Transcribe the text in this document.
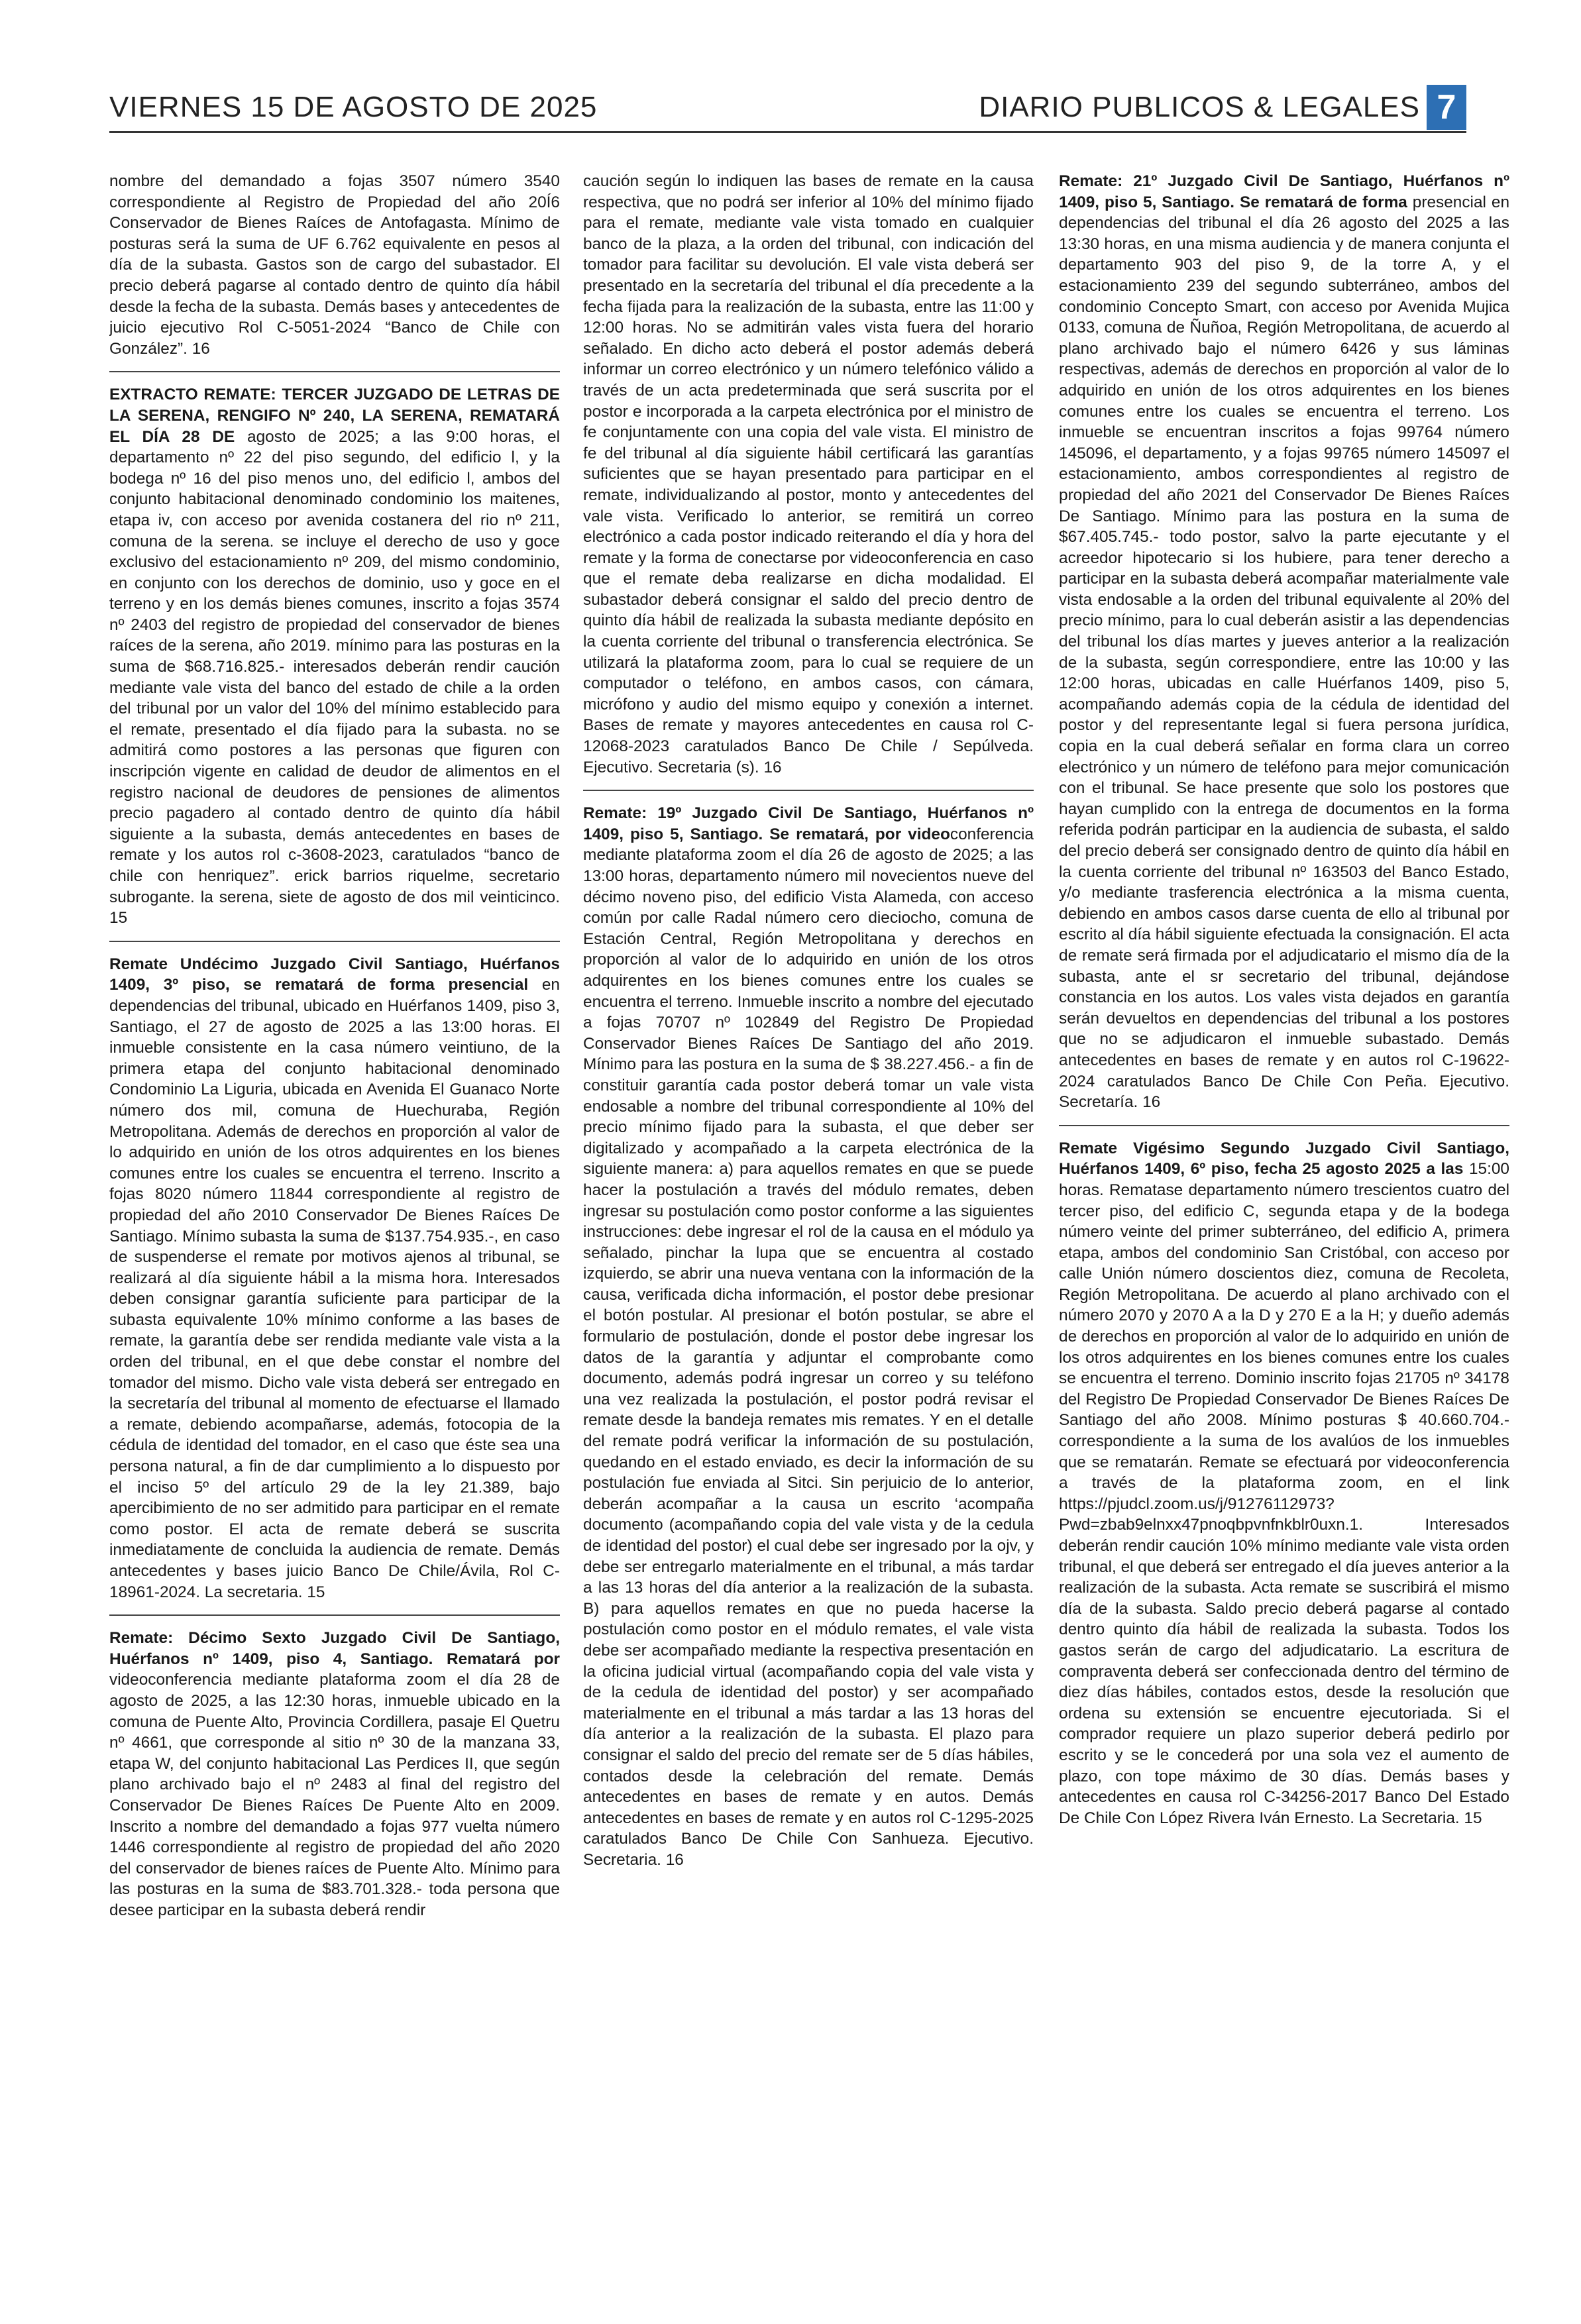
VIERNES 15 DE AGOSTO DE 2025	DIARIO PUBLICOS & LEGALES 7

nombre del demandado a fojas 3507 número 3540 correspondiente al Registro de Propiedad del año 20Í6 Conservador de Bienes Raíces de Antofagasta. Mínimo de posturas será la suma de UF 6.762 equivalente en pesos al día de la subasta. Gastos son de cargo del subastador. El precio deberá pagarse al contado dentro de quinto día hábil desde la fecha de la subasta. Demás bases y antecedentes de juicio ejecutivo Rol C-5051-2024 “Banco de Chile con González”. 16

EXTRACTO REMATE: TERCER JUZGADO DE LETRAS DE LA SERENA, RENGIFO Nº 240, LA SERENA, REMATARÁ EL DÍA 28 DE agosto de 2025; a las 9:00 horas, el departamento nº 22 del piso segundo, del edificio l, y la bodega nº 16 del piso menos uno, del edificio l, ambos del conjunto habitacional denominado condominio los maitenes, etapa iv, con acceso por avenida costanera del rio nº 211, comuna de la serena. se incluye el derecho de uso y goce exclusivo del estacionamiento nº 209, del mismo condominio, en conjunto con los derechos de dominio, uso y goce en el terreno y en los demás bienes comunes, inscrito a fojas 3574 nº 2403 del registro de propiedad del conservador de bienes raíces de la serena, año 2019. mínimo para las posturas en la suma de $68.716.825.- interesados deberán rendir caución mediante vale vista del banco del estado de chile a la orden del tribunal por un valor del 10% del mínimo establecido para el remate, presentado el día fijado para la subasta. no se admitirá como postores a las personas que figuren con inscripción vigente en calidad de deudor de alimentos en el registro nacional de deudores de pensiones de alimentos precio pagadero al contado dentro de quinto día hábil siguiente a la subasta, demás antecedentes en bases de remate y los autos rol c-3608-2023, caratulados “banco de chile con henriquez”. erick barrios riquelme, secretario subrogante. la serena, siete de agosto de dos mil veinticinco. 15

Remate Undécimo Juzgado Civil Santiago, Huérfanos 1409, 3º piso, se rematará de forma presencial en dependencias del tribunal, ubicado en Huérfanos 1409, piso 3, Santiago, el 27 de agosto de 2025 a las 13:00 horas. El inmueble consistente en la casa número veintiuno, de la primera etapa del conjunto habitacional denominado Condominio La Liguria, ubicada en Avenida El Guanaco Norte número dos mil, comuna de Huechuraba, Región Metropolitana. Además de derechos en proporción al valor de lo adquirido en unión de los otros adquirentes en los bienes comunes entre los cuales se encuentra el terreno. Inscrito a fojas 8020 número 11844 correspondiente al registro de propiedad del año 2010 Conservador De Bienes Raíces De Santiago. Mínimo subasta la suma de $137.754.935.-, en caso de suspenderse el remate por motivos ajenos al tribunal, se realizará al día siguiente hábil a la misma hora. Interesados deben consignar garantía suficiente para participar de la subasta equivalente 10% mínimo conforme a las bases de remate, la garantía debe ser rendida mediante vale vista a la orden del tribunal, en el que debe constar el nombre del tomador del mismo. Dicho vale vista deberá ser entregado en la secretaría del tribunal al momento de efectuarse el llamado a remate, debiendo acompañarse, además, fotocopia de la cédula de identidad del tomador, en el caso que éste sea una persona natural, a fin de dar cumplimiento a lo dispuesto por el inciso 5º del artículo 29 de la ley 21.389, bajo apercibimiento de no ser admitido para participar en el remate como postor. El acta de remate deberá se suscrita inmediatamente de concluida la audiencia de remate. Demás antecedentes y bases juicio Banco De Chile/Ávila, Rol C-18961-2024. La secretaria. 15

Remate: Décimo Sexto Juzgado Civil De Santiago, Huérfanos nº 1409, piso 4, Santiago. Rematará por videoconferencia mediante plataforma zoom el día 28 de agosto de 2025, a las 12:30 horas, inmueble ubicado en la comuna de Puente Alto, Provincia Cordillera, pasaje El Quetru nº 4661, que corresponde al sitio nº 30 de la manzana 33, etapa W, del conjunto habitacional Las Perdices II, que según plano archivado bajo el nº 2483 al final del registro del Conservador De Bienes Raíces De Puente Alto en 2009. Inscrito a nombre del demandado a fojas 977 vuelta número 1446 correspondiente al registro de propiedad del año 2020 del conservador de bienes raíces de Puente Alto. Mínimo para las posturas en la suma de $83.701.328.- toda persona que desee participar en la subasta deberá rendir

caución según lo indiquen las bases de remate en la causa respectiva, que no podrá ser inferior al 10% del mínimo fijado para el remate, mediante vale vista tomado en cualquier banco de la plaza, a la orden del tribunal, con indicación del tomador para facilitar su devolución. El vale vista deberá ser presentado en la secretaría del tribunal el día precedente a la fecha fijada para la realización de la subasta, entre las 11:00 y 12:00 horas. No se admitirán vales vista fuera del horario señalado. En dicho acto deberá el postor además deberá informar un correo electrónico y un número telefónico válido a través de un acta predeterminada que será suscrita por el postor e incorporada a la carpeta electrónica por el ministro de fe conjuntamente con una copia del vale vista. El ministro de fe del tribunal al día siguiente hábil certificará las garantías suficientes que se hayan presentado para participar en el remate, individualizando al postor, monto y antecedentes del vale vista. Verificado lo anterior, se remitirá un correo electrónico a cada postor indicado reiterando el día y hora del remate y la forma de conectarse por videoconferencia en caso que el remate deba realizarse en dicha modalidad. El subastador deberá consignar el saldo del precio dentro de quinto día hábil de realizada la subasta mediante depósito en la cuenta corriente del tribunal o transferencia electrónica. Se utilizará la plataforma zoom, para lo cual se requiere de un computador o teléfono, en ambos casos, con cámara, micrófono y audio del mismo equipo y conexión a internet. Bases de remate y mayores antecedentes en causa rol C-12068-2023 caratulados Banco De Chile / Sepúlveda. Ejecutivo. Secretaria (s). 16

Remate: 19º Juzgado Civil De Santiago, Huérfanos nº 1409, piso 5, Santiago. Se rematará, por videoconferencia mediante plataforma zoom el día 26 de agosto de 2025; a las 13:00 horas, departamento número mil novecientos nueve del décimo noveno piso, del edificio Vista Alameda, con acceso común por calle Radal número cero dieciocho, comuna de Estación Central, Región Metropolitana y derechos en proporción al valor de lo adquirido en unión de los otros adquirentes en los bienes comunes entre los cuales se encuentra el terreno. Inmueble inscrito a nombre del ejecutado a fojas 70707 nº 102849 del Registro De Propiedad Conservador Bienes Raíces De Santiago del año 2019. Mínimo para las postura en la suma de $ 38.227.456.- a fin de constituir garantía cada postor deberá tomar un vale vista endosable a nombre del tribunal correspondiente al 10% del precio mínimo fijado para la subasta, el que deber ser digitalizado y acompañado a la carpeta electrónica de la siguiente manera: a) para aquellos remates en que se puede hacer la postulación a través del módulo remates, deben ingresar su postulación como postor conforme a las siguientes instrucciones: debe ingresar el rol de la causa en el módulo ya señalado, pinchar la lupa que se encuentra al costado izquierdo, se abrir una nueva ventana con la información de la causa, verificada dicha información, el postor debe presionar el botón postular. Al presionar el botón postular, se abre el formulario de postulación, donde el postor debe ingresar los datos de la garantía y adjuntar el comprobante como documento, además podrá ingresar un correo y su teléfono una vez realizada la postulación, el postor podrá revisar el remate desde la bandeja remates mis remates. Y en el detalle del remate podrá verificar la información de su postulación, quedando en el estado enviado, es decir la información de su postulación fue enviada al Sitci. Sin perjuicio de lo anterior, deberán acompañar a la causa un escrito ‘acompaña documento (acompañando copia del vale vista y de la cedula de identidad del postor) el cual debe ser ingresado por la ojv, y debe ser entregarlo materialmente en el tribunal, a más tardar a las 13 horas del día anterior a la realización de la subasta. B) para aquellos remates en que no pueda hacerse la postulación como postor en el módulo remates, el vale vista debe ser acompañado mediante la respectiva presentación en la oficina judicial virtual (acompañando copia del vale vista y de la cedula de identidad del postor) y ser acompañado materialmente en el tribunal a más tardar a las 13 horas del día anterior a la realización de la subasta. El plazo para consignar el saldo del precio del remate ser de 5 días hábiles, contados desde la celebración del remate. Demás antecedentes en bases de remate y en autos. Demás antecedentes en bases de remate y en autos rol C-1295-2025 caratulados Banco De Chile Con Sanhueza. Ejecutivo. Secretaria. 16

Remate: 21º Juzgado Civil De Santiago, Huérfanos nº 1409, piso 5, Santiago. Se rematará de forma presencial en dependencias del tribunal el día 26 agosto del 2025 a las 13:30 horas, en una misma audiencia y de manera conjunta el departamento 903 del piso 9, de la torre A, y el estacionamiento 239 del segundo subterráneo, ambos del condominio Concepto Smart, con acceso por Avenida Mujica 0133, comuna de Ñuñoa, Región Metropolitana, de acuerdo al plano archivado bajo el número 6426 y sus láminas respectivas, además de derechos en proporción al valor de lo adquirido en unión de los otros adquirentes en los bienes comunes entre los cuales se encuentra el terreno. Los inmueble se encuentran inscritos a fojas 99764 número 145096, el departamento, y a fojas 99765 número 145097 el estacionamiento, ambos correspondientes al registro de propiedad del año 2021 del Conservador De Bienes Raíces De Santiago. Mínimo para las postura en la suma de $67.405.745.- todo postor, salvo la parte ejecutante y el acreedor hipotecario si los hubiere, para tener derecho a participar en la subasta deberá acompañar materialmente vale vista endosable a la orden del tribunal equivalente al 20% del precio mínimo, para lo cual deberán asistir a las dependencias del tribunal los días martes y jueves anterior a la realización de la subasta, según correspondiere, entre las 10:00 y las 12:00 horas, ubicadas en calle Huérfanos 1409, piso 5, acompañando además copia de la cédula de identidad del postor y del representante legal si fuera persona jurídica, copia en la cual deberá señalar en forma clara un correo electrónico y un número de teléfono para mejor comunicación con el tribunal. Se hace presente que solo los postores que hayan cumplido con la entrega de documentos en la forma referida podrán participar en la audiencia de subasta, el saldo del precio deberá ser consignado dentro de quinto día hábil en la cuenta corriente del tribunal nº 163503 del Banco Estado, y/o mediante trasferencia electrónica a la misma cuenta, debiendo en ambos casos darse cuenta de ello al tribunal por escrito al día hábil siguiente efectuada la consignación. El acta de remate será firmada por el adjudicatario el mismo día de la subasta, ante el sr secretario del tribunal, dejándose constancia en los autos. Los vales vista dejados en garantía serán devueltos en dependencias del tribunal a los postores que no se adjudicaron el inmueble subastado. Demás antecedentes en bases de remate y en autos rol C-19622-2024 caratulados Banco De Chile Con Peña. Ejecutivo. Secretaría. 16

Remate Vigésimo Segundo Juzgado Civil Santiago, Huérfanos 1409, 6º piso, fecha 25 agosto 2025 a las 15:00 horas. Rematase departamento número trescientos cuatro del tercer piso, del edificio C, segunda etapa y de la bodega número veinte del primer subterráneo, del edificio A, primera etapa, ambos del condominio San Cristóbal, con acceso por calle Unión número doscientos diez, comuna de Recoleta, Región Metropolitana. De acuerdo al plano archivado con el número 2070 y 2070 A a la D y 270 E a la H; y dueño además de derechos en proporción al valor de lo adquirido en unión de los otros adquirentes en los bienes comunes entre los cuales se encuentra el terreno. Dominio inscrito fojas 21705 nº 34178 del Registro De Propiedad Conservador De Bienes Raíces De Santiago del año 2008. Mínimo posturas $ 40.660.704.- correspondiente a la suma de los avalúos de los inmuebles que se rematarán. Remate se efectuará por videoconferencia a través de la plataforma zoom, en el link https://pjudcl.zoom.us/j/91276112973?Pwd=zbab9elnxx47pnoqbpvnfnkblr0uxn.1. Interesados deberán rendir caución 10% mínimo mediante vale vista orden tribunal, el que deberá ser entregado el día jueves anterior a la realización de la subasta. Acta remate se suscribirá el mismo día de la subasta. Saldo precio deberá pagarse al contado dentro quinto día hábil de realizada la subasta. Todos los gastos serán de cargo del adjudicatario. La escritura de compraventa deberá ser confeccionada dentro del término de diez días hábiles, contados estos, desde la resolución que ordena su extensión se encuentre ejecutoriada. Si el comprador requiere un plazo superior deberá pedirlo por escrito y se le concederá por una sola vez el aumento de plazo, con tope máximo de 30 días. Demás bases y antecedentes en causa rol C-34256-2017 Banco Del Estado De Chile Con López Rivera Iván Ernesto. La Secretaria. 15
